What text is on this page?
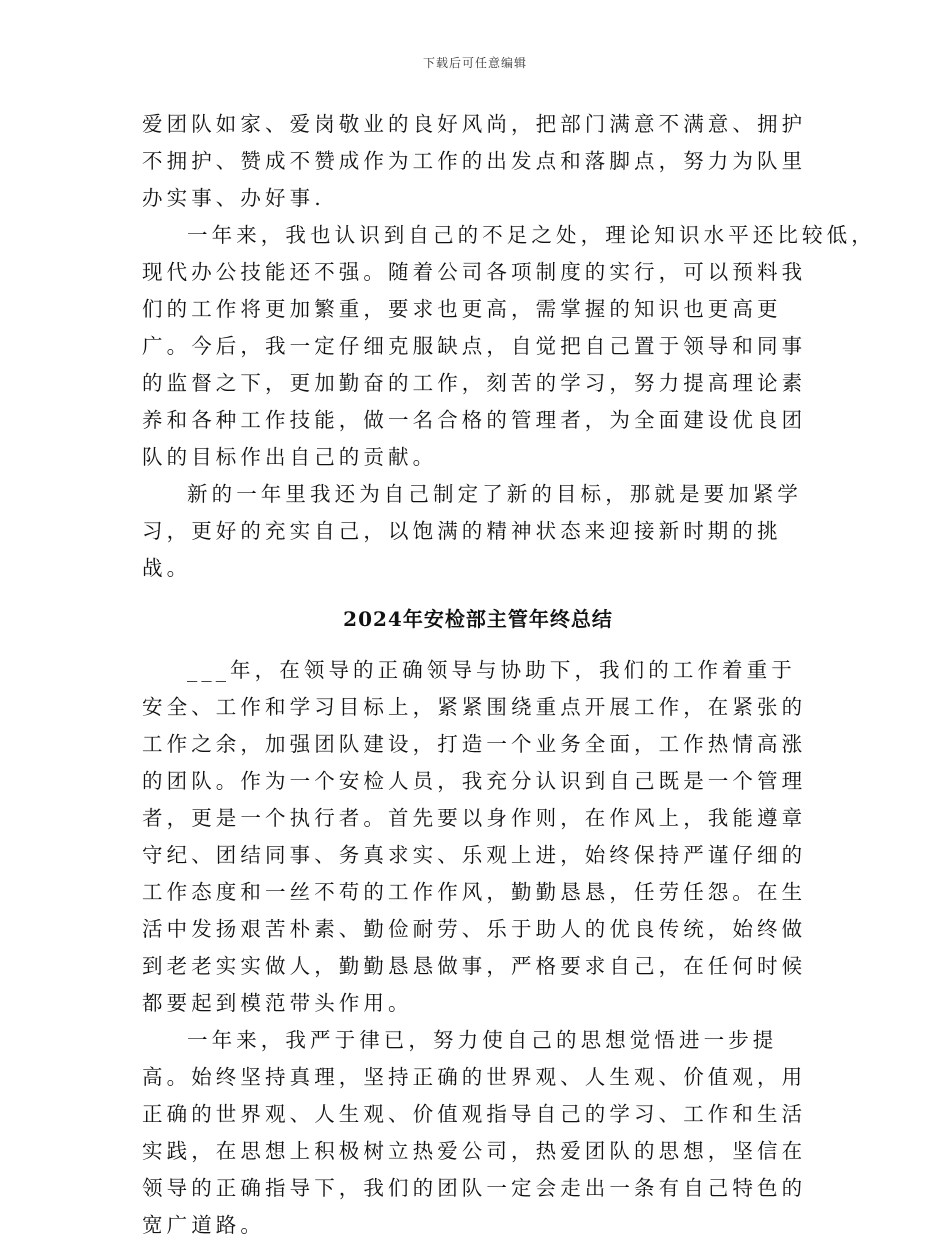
下载后可任意编辑

爱团队如家、爱岗敬业的良好风尚，把部门满意不满意、拥护不拥护、赞成不赞成作为工作的出发点和落脚点，努力为队里办实事、办好事.

一年来，我也认识到自己的不足之处，理论知识水平还比较低，
现代办公技能还不强。随着公司各项制度的实行，可以预料我们的工作将更加繁重，要求也更高，需掌握的知识也更高更广。今后，我一定仔细克服缺点，自觉把自己置于领导和同事的监督之下，更加勤奋的工作，刻苦的学习，努力提高理论素养和各种工作技能，做一名合格的管理者，为全面建设优良团队的目标作出自己的贡献。

新的一年里我还为自己制定了新的目标，那就是要加紧学习，更好的充实自己，以饱满的精神状态来迎接新时期的挑战。

2024年安检部主管年终总结

___年，在领导的正确领导与协助下，我们的工作着重于安全、工作和学习目标上，紧紧围绕重点开展工作，在紧张的工作之余，加强团队建设，打造一个业务全面，工作热情高涨的团队。作为一个安检人员，我充分认识到自己既是一个管理者，更是一个执行者。首先要以身作则，在作风上，我能遵章守纪、团结同事、务真求实、乐观上进，始终保持严谨仔细的工作态度和一丝不苟的工作作风，勤勤恳恳，任劳任怨。在生活中发扬艰苦朴素、勤俭耐劳、乐于助人的优良传统，始终做到老老实实做人，勤勤恳恳做事，严格要求自己，在任何时候都要起到模范带头作用。

一年来，我严于律已，努力使自己的思想觉悟进一步提高。始终坚持真理，坚持正确的世界观、人生观、价值观，用正确的世界观、人生观、价值观指导自己的学习、工作和生活实践，在思想上积极树立热爱公司，热爱团队的思想，坚信在领导的正确指导下，我们的团队一定会走出一条有自己特色的宽广道路。
